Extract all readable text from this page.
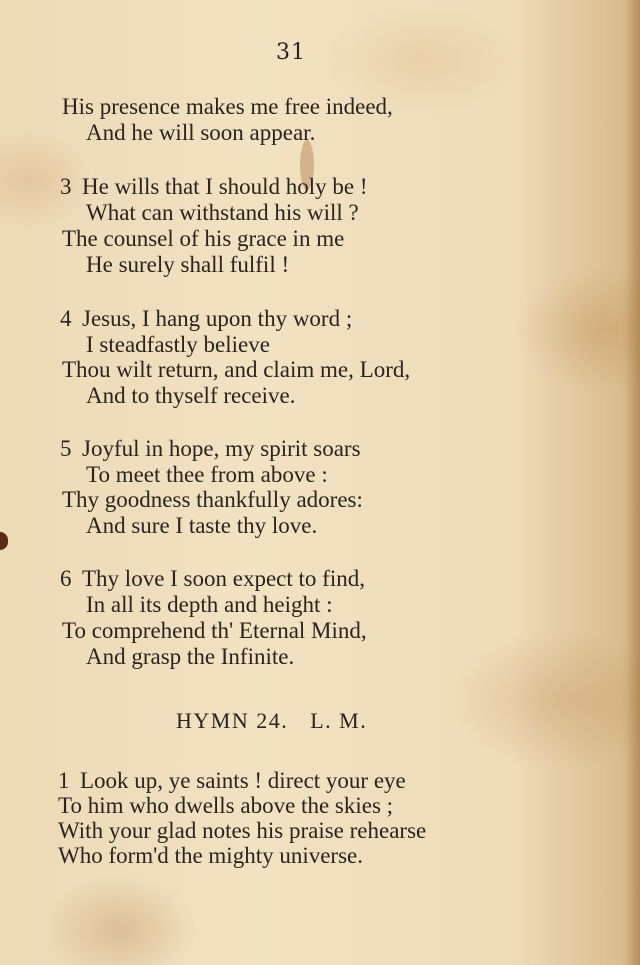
31
His presence makes me free indeed,
And he will soon appear.
3 He wills that I should holy be !
What can withstand his will ?
The counsel of his grace in me
He surely shall fulfil !
4 Jesus, I hang upon thy word ;
I steadfastly believe
Thou wilt return, and claim me, Lord,
And to thyself receive.
5 Joyful in hope, my spirit soars
To meet thee from above :
Thy goodness thankfully adores:
And sure I taste thy love.
6 Thy love I soon expect to find,
In all its depth and height :
To comprehend th' Eternal Mind,
And grasp the Infinite.
HYMN 24. L. M.
1 Look up, ye saints ! direct your eye
To him who dwells above the skies ;
With your glad notes his praise rehearse
Who form'd the mighty universe.
